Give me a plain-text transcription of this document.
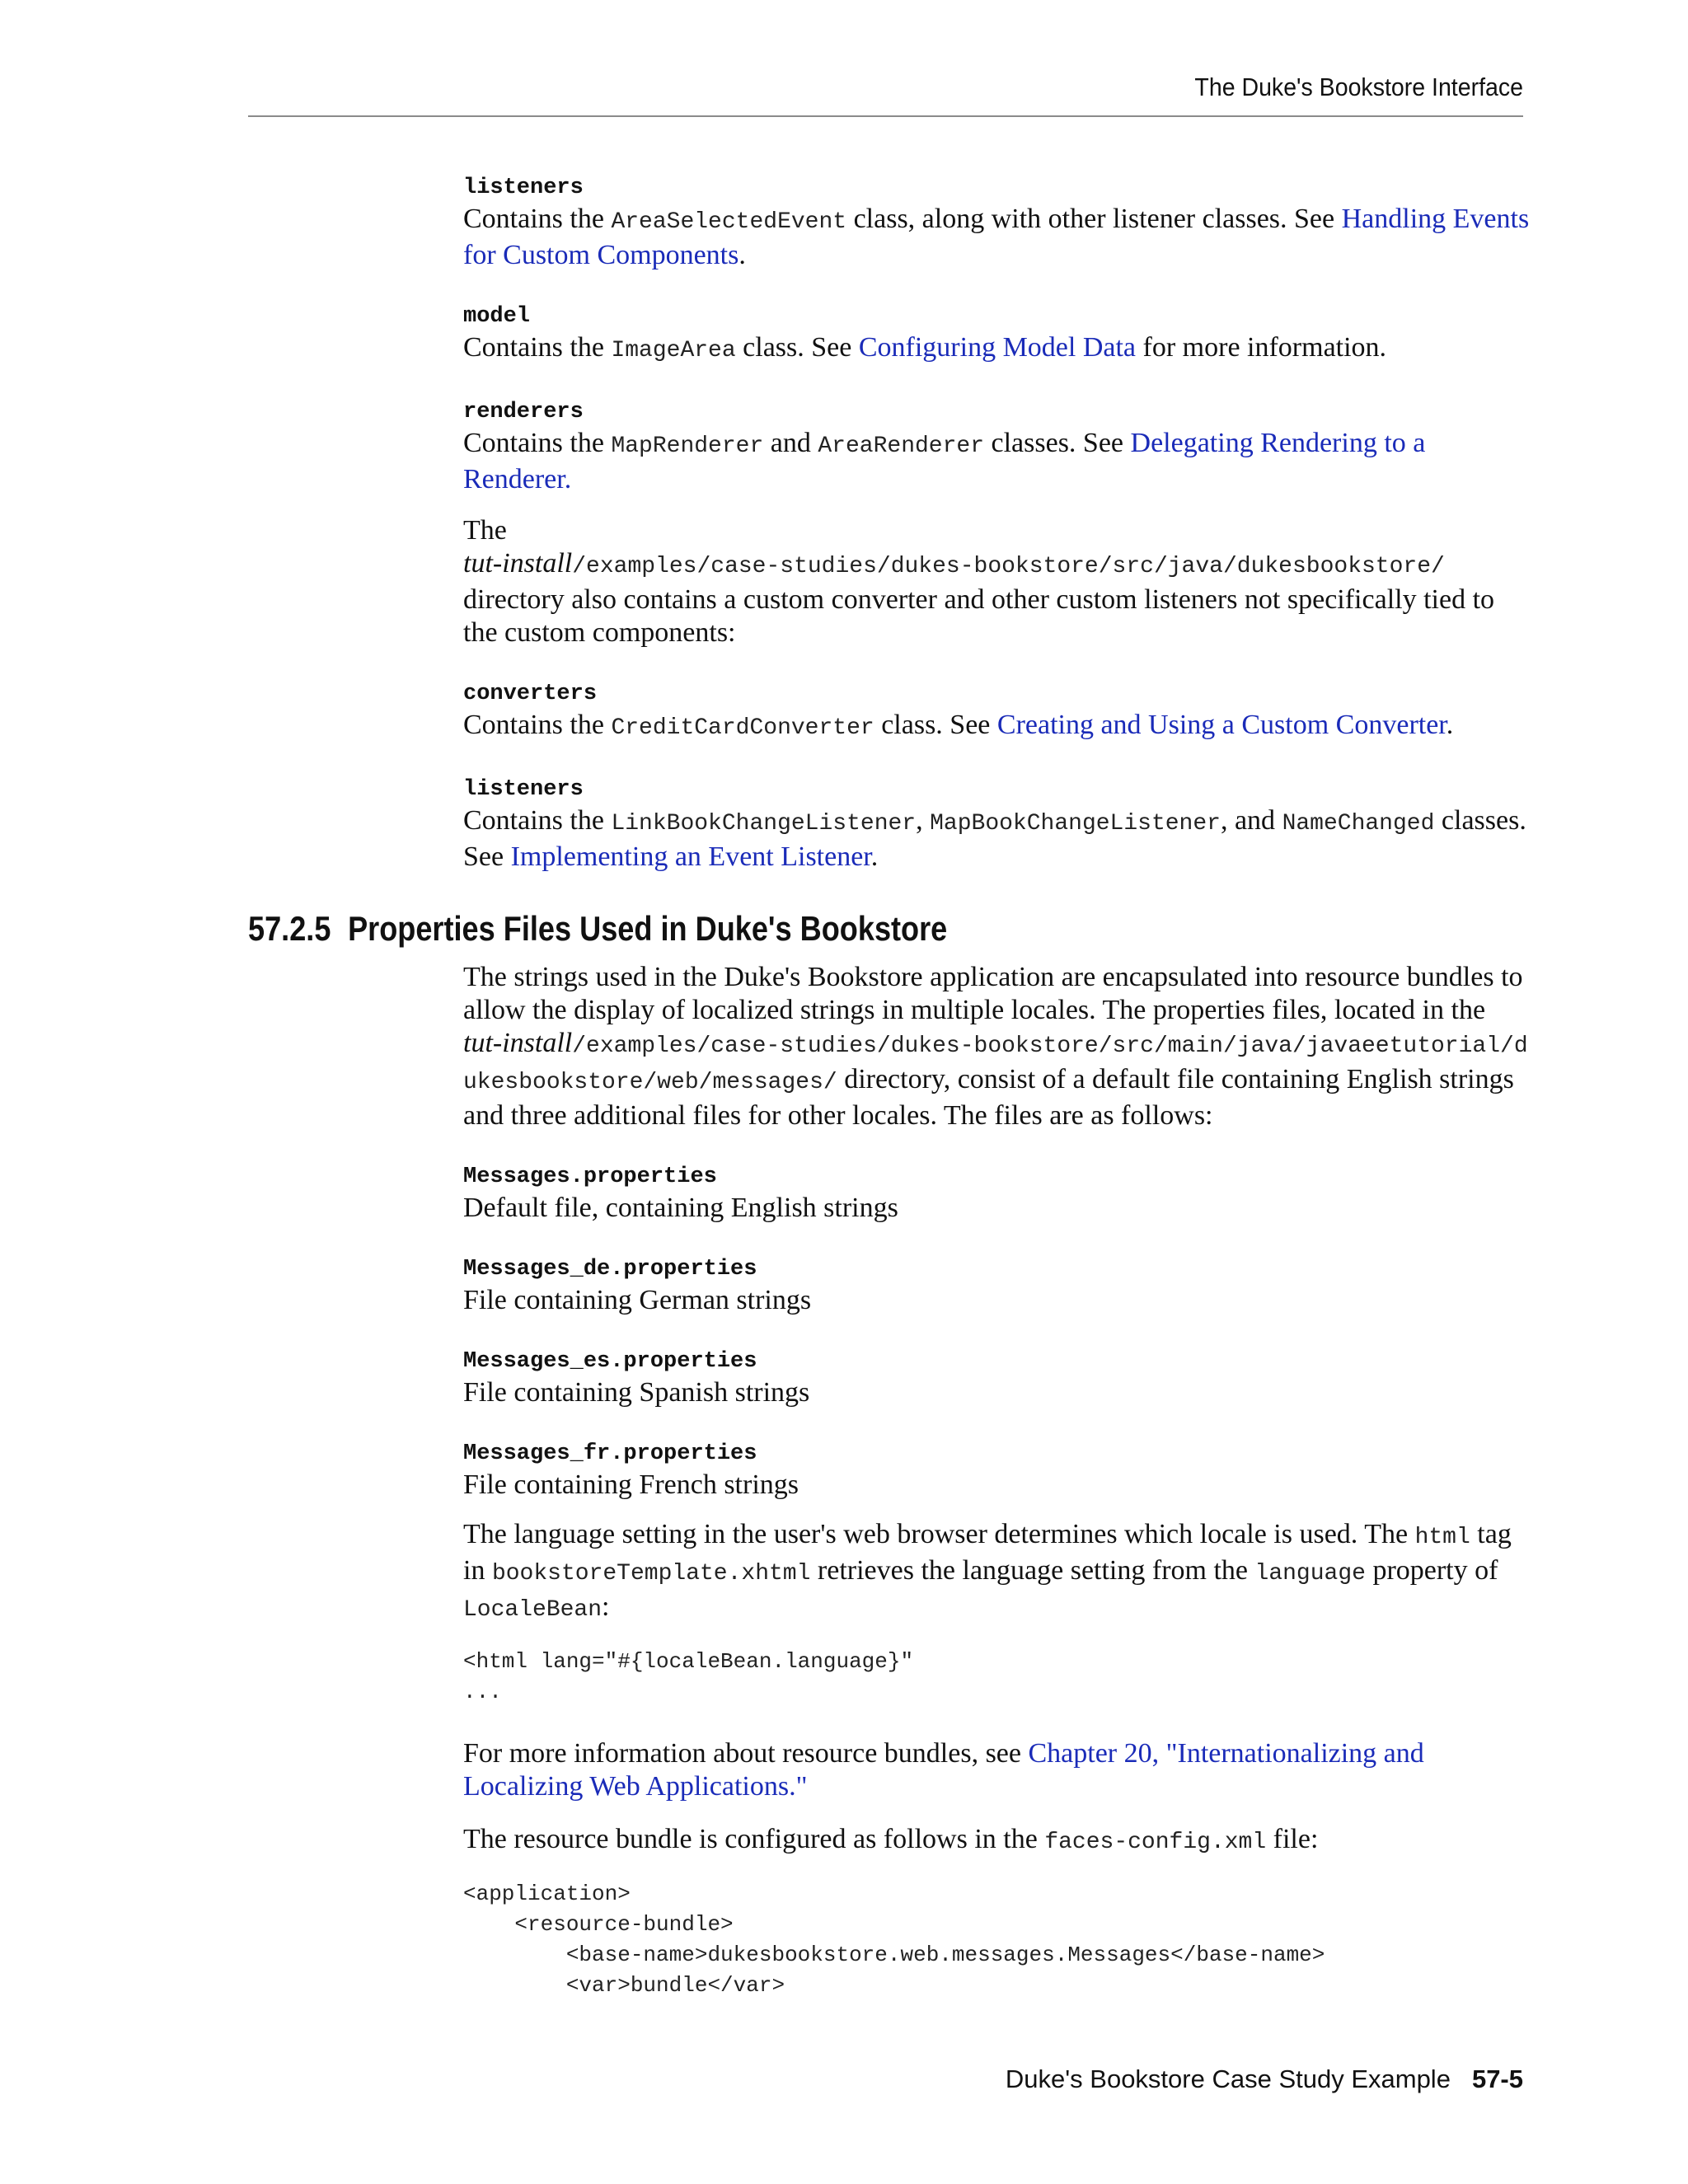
The Duke's Bookstore Interface
listeners
Contains the AreaSelectedEvent class, along with other listener classes. See Handling Events for Custom Components.
model
Contains the ImageArea class. See Configuring Model Data for more information.
renderers
Contains the MapRenderer and AreaRenderer classes. See Delegating Rendering to a Renderer.
The
tut-install/examples/case-studies/dukes-bookstore/src/java/dukesbookstore/
directory also contains a custom converter and other custom listeners not specifically tied to the custom components:
converters
Contains the CreditCardConverter class. See Creating and Using a Custom Converter.
listeners
Contains the LinkBookChangeListener, MapBookChangeListener, and NameChanged classes. See Implementing an Event Listener.
57.2.5 Properties Files Used in Duke's Bookstore
The strings used in the Duke's Bookstore application are encapsulated into resource bundles to allow the display of localized strings in multiple locales. The properties files, located in the
tut-install/examples/case-studies/dukes-bookstore/src/main/java/javaeetutorial/dukesbookstore/web/messages/ directory, consist of a default file containing English strings and three additional files for other locales. The files are as follows:
Messages.properties
Default file, containing English strings
Messages_de.properties
File containing German strings
Messages_es.properties
File containing Spanish strings
Messages_fr.properties
File containing French strings
The language setting in the user's web browser determines which locale is used. The html tag in bookstoreTemplate.xhtml retrieves the language setting from the language property of LocaleBean:
<html lang="#{localeBean.language}"
...
For more information about resource bundles, see Chapter 20, "Internationalizing and Localizing Web Applications."
The resource bundle is configured as follows in the faces-config.xml file:
<application>
<resource-bundle>
<base-name>dukesbookstore.web.messages.Messages</base-name>
<var>bundle</var>
Duke's Bookstore Case Study Example 57-5
